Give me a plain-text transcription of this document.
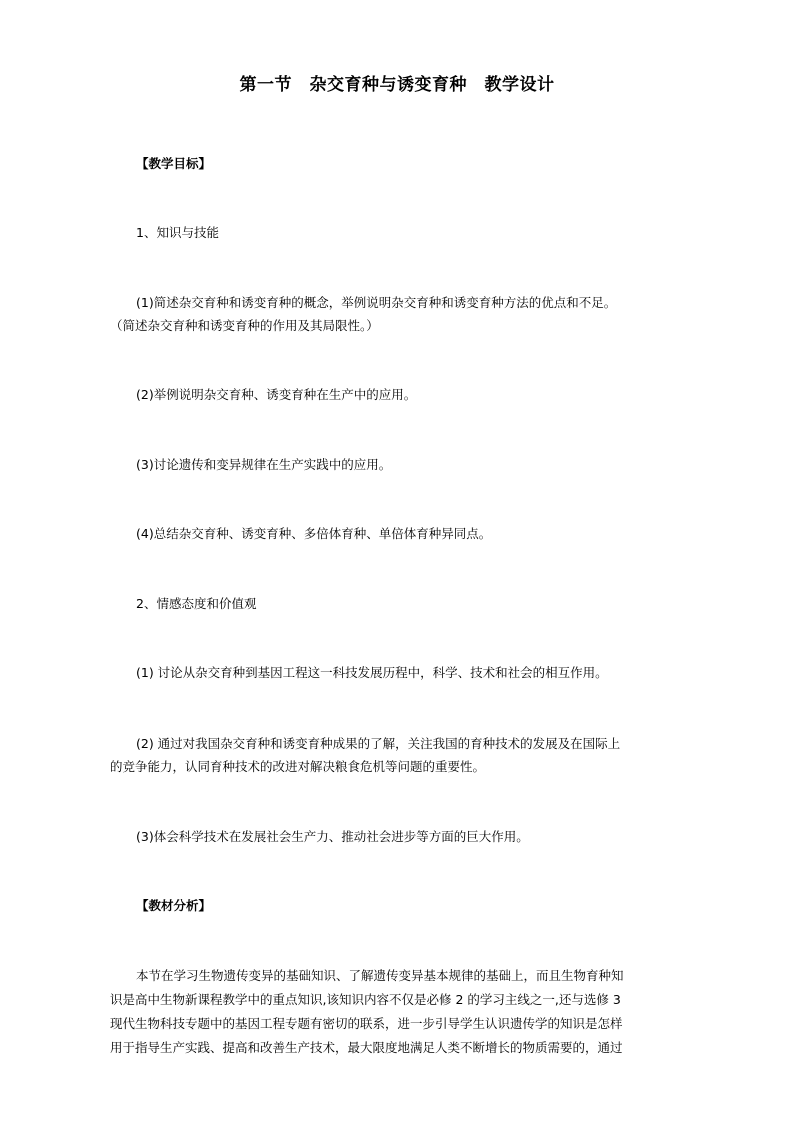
第一节　杂交育种与诱变育种　教学设计
【教学目标】
1、知识与技能
(1)简述杂交育种和诱变育种的概念，举例说明杂交育种和诱变育种方法的优点和不足。
（简述杂交育种和诱变育种的作用及其局限性。）
(2)举例说明杂交育种、诱变育种在生产中的应用。
(3)讨论遗传和变异规律在生产实践中的应用。
(4)总结杂交育种、诱变育种、多倍体育种、单倍体育种异同点。
2、情感态度和价值观
(1) 讨论从杂交育种到基因工程这一科技发展历程中，科学、技术和社会的相互作用。
(2) 通过对我国杂交育种和诱变育种成果的了解，关注我国的育种技术的发展及在国际上
的竞争能力，认同育种技术的改进对解决粮食危机等问题的重要性。
(3)体会科学技术在发展社会生产力、推动社会进步等方面的巨大作用。
【教材分析】
本节在学习生物遗传变异的基础知识、了解遗传变异基本规律的基础上，而且生物育种知
识是高中生物新课程教学中的重点知识,该知识内容不仅是必修 2 的学习主线之一,还与选修 3
现代生物科技专题中的基因工程专题有密切的联系，进一步引导学生认识遗传学的知识是怎样
用于指导生产实践、提高和改善生产技术，最大限度地满足人类不断增长的物质需要的，通过
